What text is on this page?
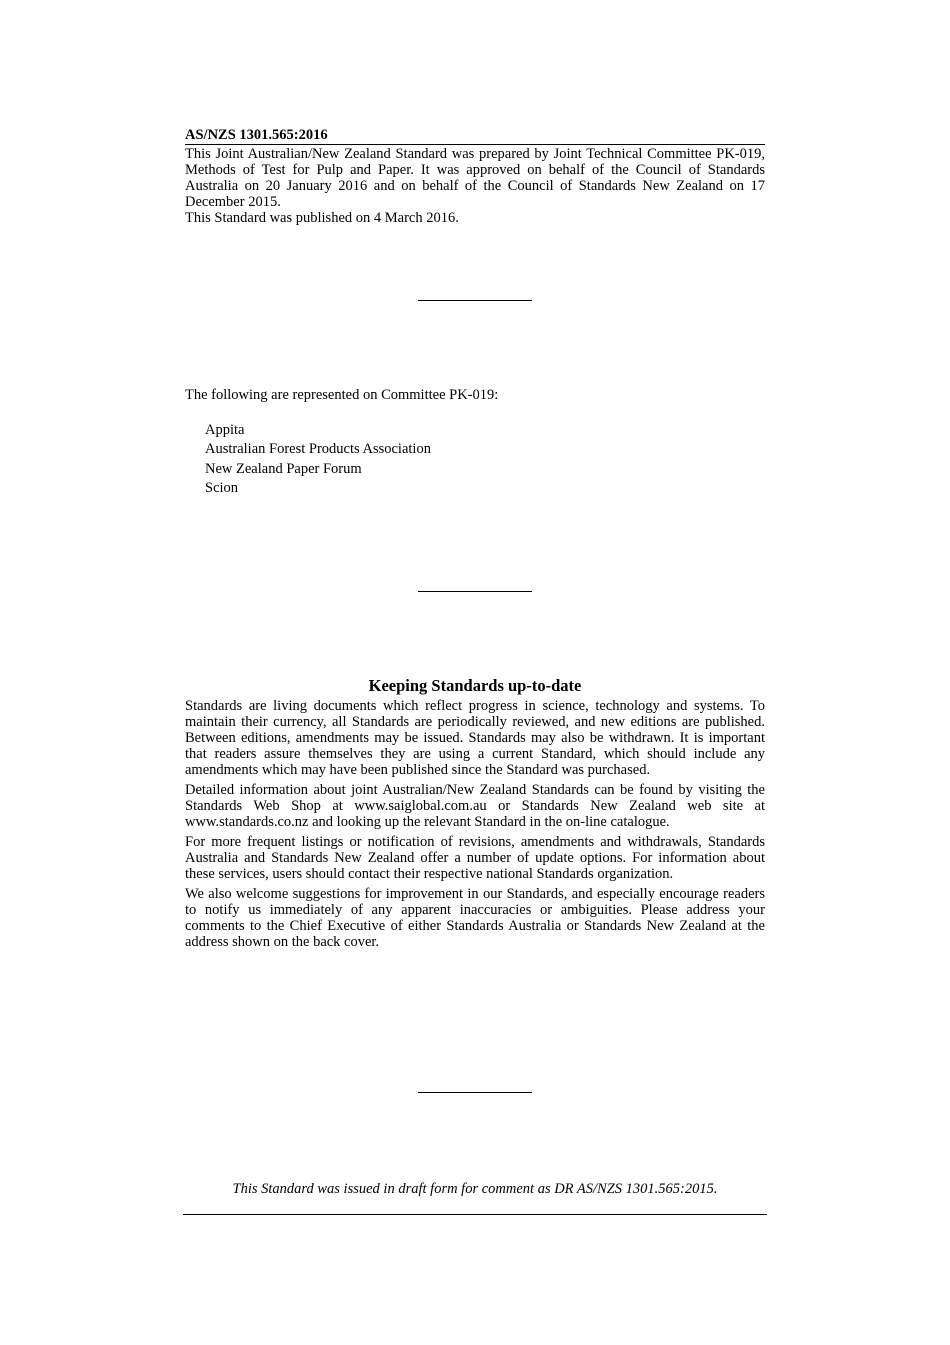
AS/NZS 1301.565:2016
This Joint Australian/New Zealand Standard was prepared by Joint Technical Committee PK-019, Methods of Test for Pulp and Paper. It was approved on behalf of the Council of Standards Australia on 20 January 2016 and on behalf of the Council of Standards New Zealand on 17 December 2015.
This Standard was published on 4 March 2016.
The following are represented on Committee PK-019:
Appita
Australian Forest Products Association
New Zealand Paper Forum
Scion
Keeping Standards up-to-date

Standards are living documents which reflect progress in science, technology and systems. To maintain their currency, all Standards are periodically reviewed, and new editions are published. Between editions, amendments may be issued. Standards may also be withdrawn. It is important that readers assure themselves they are using a current Standard, which should include any amendments which may have been published since the Standard was purchased.

Detailed information about joint Australian/New Zealand Standards can be found by visiting the Standards Web Shop at www.saiglobal.com.au or Standards New Zealand web site at www.standards.co.nz and looking up the relevant Standard in the on-line catalogue.

For more frequent listings or notification of revisions, amendments and withdrawals, Standards Australia and Standards New Zealand offer a number of update options. For information about these services, users should contact their respective national Standards organization.

We also welcome suggestions for improvement in our Standards, and especially encourage readers to notify us immediately of any apparent inaccuracies or ambiguities. Please address your comments to the Chief Executive of either Standards Australia or Standards New Zealand at the address shown on the back cover.

This Standard was issued in draft form for comment as DR AS/NZS 1301.565:2015.
